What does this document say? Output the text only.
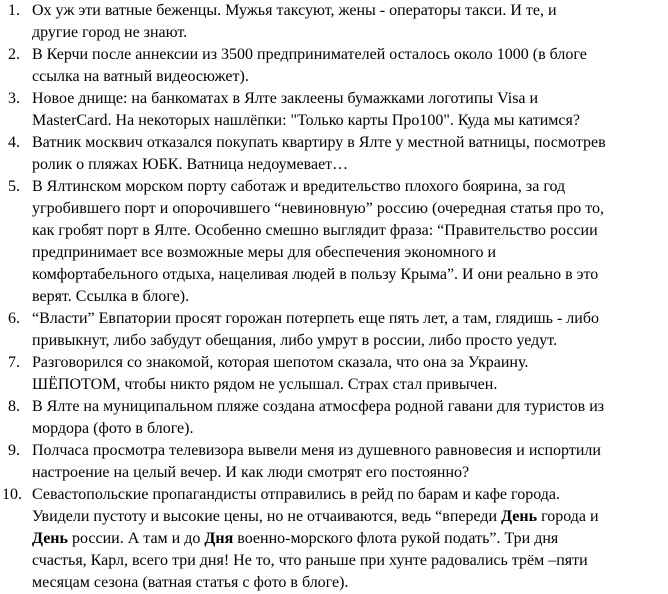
1. Ох уж эти ватные беженцы. Мужья таксуют, жены - операторы такси. И те, и
другие город не знают.
2. В Керчи после аннексии из 3500 предпринимателей осталось около 1000 (в блоге
ссылка на ватный видеосюжет).
3. Новое днище: на банкоматах в Ялте заклеены бумажками логотипы Visa и
MasterCard. На некоторых нашлёпки: "Только карты Про100". Куда мы катимся?
4. Ватник москвич отказался покупать квартиру в Ялте у местной ватницы, посмотрев
ролик о пляжах ЮБК. Ватница недоумевает…
5. В Ялтинском морском порту саботаж и вредительство плохого боярина, за год
угробившего порт и опорочившего “невиновную” россию (очередная статья про то,
как гробят порт в Ялте. Особенно смешно выглядит фраза: “Правительство россии
предпринимает все возможные меры для обеспечения экономного и
комфортабельного отдыха, нацеливая людей в пользу Крыма”. И они реально в это
верят. Ссылка в блоге).
6. “Власти” Евпатории просят горожан потерпеть еще пять лет, а там, глядишь - либо
привыкнут, либо забудут обещания, либо умрут в россии, либо просто уедут.
7. Разговорился со знакомой, которая шепотом сказала, что она за Украину.
ШЁПОТОМ, чтобы никто рядом не услышал. Страх стал привычен.
8. В Ялте на муниципальном пляже создана атмосфера родной гавани для туристов из
мордора (фото в блоге).
9. Полчаса просмотра телевизора вывели меня из душевного равновесия и испортили
настроение на целый вечер. И как люди смотрят его постоянно?
10. Севастопольские пропагандисты отправились в рейд по барам и кафе города.
Увидели пустоту и высокие цены, но не отчаиваются, ведь “впереди День города и
День россии. А там и до Дня военно-морского флота рукой подать”. Три дня
счастья, Карл, всего три дня! Не то, что раньше при хунте радовались трём –пяти
месяцам сезона (ватная статья с фото в блоге).
